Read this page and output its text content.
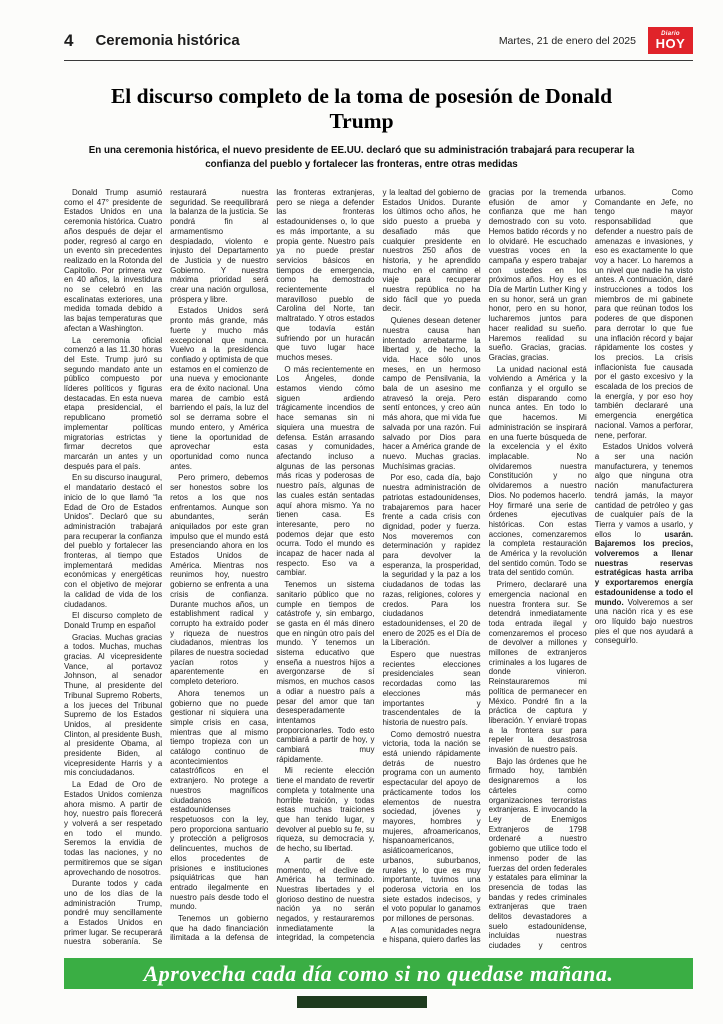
4 Ceremonia histórica	Martes, 21 de enero del 2025
Diario
HOY
El discurso completo de la toma de posesión de Donald Trump
En una ceremonia histórica, el nuevo presidente de EE.UU. declaró que su administración trabajará para recuperar la confianza del pueblo y fortalecer las fronteras, entre otras medidas

Donald Trump asumió como el 47° presidente de Estados Unidos en una ceremonia histórica. Cuatro años después de dejar el poder, regresó al cargo en un evento sin precedentes realizado en la Rotonda del Capitolio. Por primera vez en 40 años, la investidura no se celebró en las escalinatas exteriores, una medida tomada debido a las bajas temperaturas que afectan a Washington.

La ceremonia oficial comenzó a las 11.30 horas del Este. Trump juró su segundo mandato ante un público compuesto por líderes políticos y figuras destacadas. En esta nueva etapa presidencial, el republicano prometió implementar políticas migratorias estrictas y firmar decretos que marcarán un antes y un después para el país.

En su discurso inaugural, el mandatario destacó el inicio de lo que llamó “la Edad de Oro de Estados Unidos”. Declaró que su administración trabajará para recuperar la confianza del pueblo y fortalecer las fronteras, al tiempo que implementará medidas económicas y energéticas con el objetivo de mejorar la calidad de vida de los ciudadanos.

El discurso completo de Donald Trump en español

Gracias. Muchas gracias a todos. Muchas, muchas gracias. Al vicepresidente Vance, al portavoz Johnson, al senador Thune, al presidente del Tribunal Supremo Roberts, a los jueces del Tribunal Supremo de los Estados Unidos, al presidente Clinton, al presidente Bush, al presidente Obama, al presidente Biden, al vicepresidente Harris y a mis conciudadanos.

La Edad de Oro de Estados Unidos comienza ahora mismo. A partir de hoy, nuestro país florecerá y volverá a ser respetado en todo el mundo. Seremos la envidia de todas las naciones, y no permitiremos que se sigan aprovechando de nosotros.

Durante todos y cada uno de los días de la administración Trump, pondré muy sencillamente a Estados Unidos en primer lugar. Se recuperará nuestra soberanía. Se restaurará nuestra seguridad. Se reequilibrará la balanza de la justicia. Se pondrá fin al armamentismo despiadado, violento e injusto del Departamento de Justicia y de nuestro Gobierno. Y nuestra máxima prioridad será crear una nación orgullosa, próspera y libre.

Estados Unidos será pronto más grande, más fuerte y mucho más excepcional que nunca. Vuelvo a la presidencia confiado y optimista de que estamos en el comienzo de una nueva y emocionante era de éxito nacional. Una marea de cambio está barriendo el país, la luz del sol se derrama sobre el mundo entero, y América tiene la oportunidad de aprovechar esta oportunidad como nunca antes.

Pero primero, debemos ser honestos sobre los retos a los que nos enfrentamos. Aunque son abundantes, serán aniquilados por este gran impulso que el mundo está presenciando ahora en los Estados Unidos de América. Mientras nos reunimos hoy, nuestro gobierno se enfrenta a una crisis de confianza. Durante muchos años, un establishment radical y corrupto ha extraído poder y riqueza de nuestros ciudadanos, mientras los pilares de nuestra sociedad yacían rotos y aparentemente en completo deterioro.

Ahora tenemos un gobierno que no puede gestionar ni siquiera una simple crisis en casa, mientras que al mismo tiempo tropieza con un catálogo continuo de acontecimientos catastróficos en el extranjero. No protege a nuestros magníficos ciudadanos estadounidenses respetuosos con la ley, pero proporciona santuario y protección a peligrosos delincuentes, muchos de ellos procedentes de prisiones e instituciones psiquiátricas que han entrado ilegalmente en nuestro país desde todo el mundo.

Tenemos un gobierno que ha dado financiación ilimitada a la defensa de las fronteras extranjeras, pero se niega a defender las fronteras estadounidenses o, lo que es más importante, a su propia gente. Nuestro país ya no puede prestar servicios básicos en tiempos de emergencia, como ha demostrado recientemente el maravilloso pueblo de Carolina del Norte, tan maltratado. Y otros estados que todavía están sufriendo por un huracán que tuvo lugar hace muchos meses.

O más recientemente en Los Ángeles, donde estamos viendo cómo siguen ardiendo trágicamente incendios de hace semanas sin ni siquiera una muestra de defensa. Están arrasando casas y comunidades, afectando incluso a algunas de las personas más ricas y poderosas de nuestro país, algunas de las cuales están sentadas aquí ahora mismo. Ya no tienen casa. Es interesante, pero no podemos dejar que esto ocurra. Todo el mundo es incapaz de hacer nada al respecto. Eso va a cambiar.

Tenemos un sistema sanitario público que no cumple en tiempos de catástrofe y, sin embargo, se gasta en él más dinero que en ningún otro país del mundo. Y tenemos un sistema educativo que enseña a nuestros hijos a avergonzarse de sí mismos, en muchos casos a odiar a nuestro país a pesar del amor que tan desesperadamente intentamos proporcionarles. Todo esto cambiará a partir de hoy, y cambiará muy rápidamente.

Mi reciente elección tiene el mandato de revertir completa y totalmente una horrible traición, y todas estas muchas traiciones que han tenido lugar, y devolver al pueblo su fe, su riqueza, su democracia y, de hecho, su libertad.

A partir de este momento, el declive de América ha terminado. Nuestras libertades y el glorioso destino de nuestra nación ya no serán negados, y restauraremos inmediatamente la integridad, la competencia y la lealtad del gobierno de Estados Unidos. Durante los últimos ocho años, he sido puesto a prueba y desafiado más que cualquier presidente en nuestros 250 años de historia, y he aprendido mucho en el camino el viaje para recuperar nuestra república no ha sido fácil que yo pueda decir.

Quienes desean detener nuestra causa han intentado arrebatarme la libertad y, de hecho, la vida. Hace sólo unos meses, en un hermoso campo de Pensilvania, la bala de un asesino me atravesó la oreja. Pero sentí entonces, y creo aún más ahora, que mi vida fue salvada por una razón. Fui salvado por Dios para hacer a América grande de nuevo. Muchas gracias. Muchísimas gracias.

Por eso, cada día, bajo nuestra administración de patriotas estadounidenses, trabajaremos para hacer frente a cada crisis con dignidad, poder y fuerza. Nos moveremos con determinación y rapidez para devolver la esperanza, la prosperidad, la seguridad y la paz a los ciudadanos de todas las razas, religiones, colores y credos. Para los ciudadanos estadounidenses, el 20 de enero de 2025 es el Día de la Liberación.

Espero que nuestras recientes elecciones presidenciales sean recordadas como las elecciones más importantes y trascendentales de la historia de nuestro país.

Como demostró nuestra victoria, toda la nación se está uniendo rápidamente detrás de nuestro programa con un aumento espectacular del apoyo de prácticamente todos los elementos de nuestra sociedad, jóvenes y mayores, hombres y mujeres, afroamericanos, hispanoamericanos, asiáticoamericanos, urbanos, suburbanos, rurales y, lo que es muy importante, tuvimos una poderosa victoria en los siete estados indecisos, y el voto popular lo ganamos por millones de personas.

A las comunidades negra e hispana, quiero darles las gracias por la tremenda efusión de amor y confianza que me han demostrado con su voto. Hemos batido récords y no lo olvidaré. He escuchado vuestras voces en la campaña y espero trabajar con ustedes en los próximos años. Hoy es el Día de Martin Luther King y en su honor, será un gran honor, pero en su honor, lucharemos juntos para hacer realidad su sueño. Haremos realidad su sueño. Gracias, gracias. Gracias, gracias.

La unidad nacional está volviendo a América y la confianza y el orgullo se están disparando como nunca antes. En todo lo que hacemos. Mi administración se inspirará en una fuerte búsqueda de la excelencia y el éxito implacable. No olvidaremos nuestra Constitución y no olvidaremos a nuestro Dios. No podemos hacerlo. Hoy firmaré una serie de órdenes ejecutivas históricas. Con estas acciones, comenzaremos la completa restauración de América y la revolución del sentido común. Todo se trata del sentido común.

Primero, declararé una emergencia nacional en nuestra frontera sur. Se detendrá inmediatamente toda entrada ilegal y comenzaremos el proceso de devolver a millones y millones de extranjeros criminales a los lugares de donde vinieron. Reinstauraremos mi política de permanecer en México. Pondré fin a la práctica de captura y liberación. Y enviaré tropas a la frontera sur para repeler la desastrosa invasión de nuestro país.

Bajo las órdenes que he firmado hoy, también designaremos a los cárteles como organizaciones terroristas extranjeras. E invocando la Ley de Enemigos Extranjeros de 1798 ordenaré a nuestro gobierno que utilice todo el inmenso poder de las fuerzas del orden federales y estatales para eliminar la presencia de todas las bandas y redes criminales extranjeras que traen delitos devastadores a suelo estadounidense, incluidas nuestras ciudades y centros urbanos. Como Comandante en Jefe, no tengo mayor responsabilidad que defender a nuestro país de amenazas e invasiones, y eso es exactamente lo que voy a hacer. Lo haremos a un nivel que nadie ha visto antes. A continuación, daré instrucciones a todos los miembros de mi gabinete para que reúnan todos los poderes de que disponen para derrotar lo que fue una inflación récord y bajar rápidamente los costes y los precios. La crisis inflacionista fue causada por el gasto excesivo y la escalada de los precios de la energía, y por eso hoy también declararé una emergencia energética nacional. Vamos a perforar, nene, perforar.

Estados Unidos volverá a ser una nación manufacturera, y tenemos algo que ninguna otra nación manufacturera tendrá jamás, la mayor cantidad de petróleo y gas de cualquier país de la Tierra y vamos a usarlo, y ellos lo usarán. Bajaremos los precios, volveremos a llenar nuestras reservas estratégicas hasta arriba y exportaremos energía estadounidense a todo el mundo. Volveremos a ser una nación rica y es ese oro líquido bajo nuestros pies el que nos ayudará a conseguirlo.

Aprovecha cada día como si no quedase mañana.
